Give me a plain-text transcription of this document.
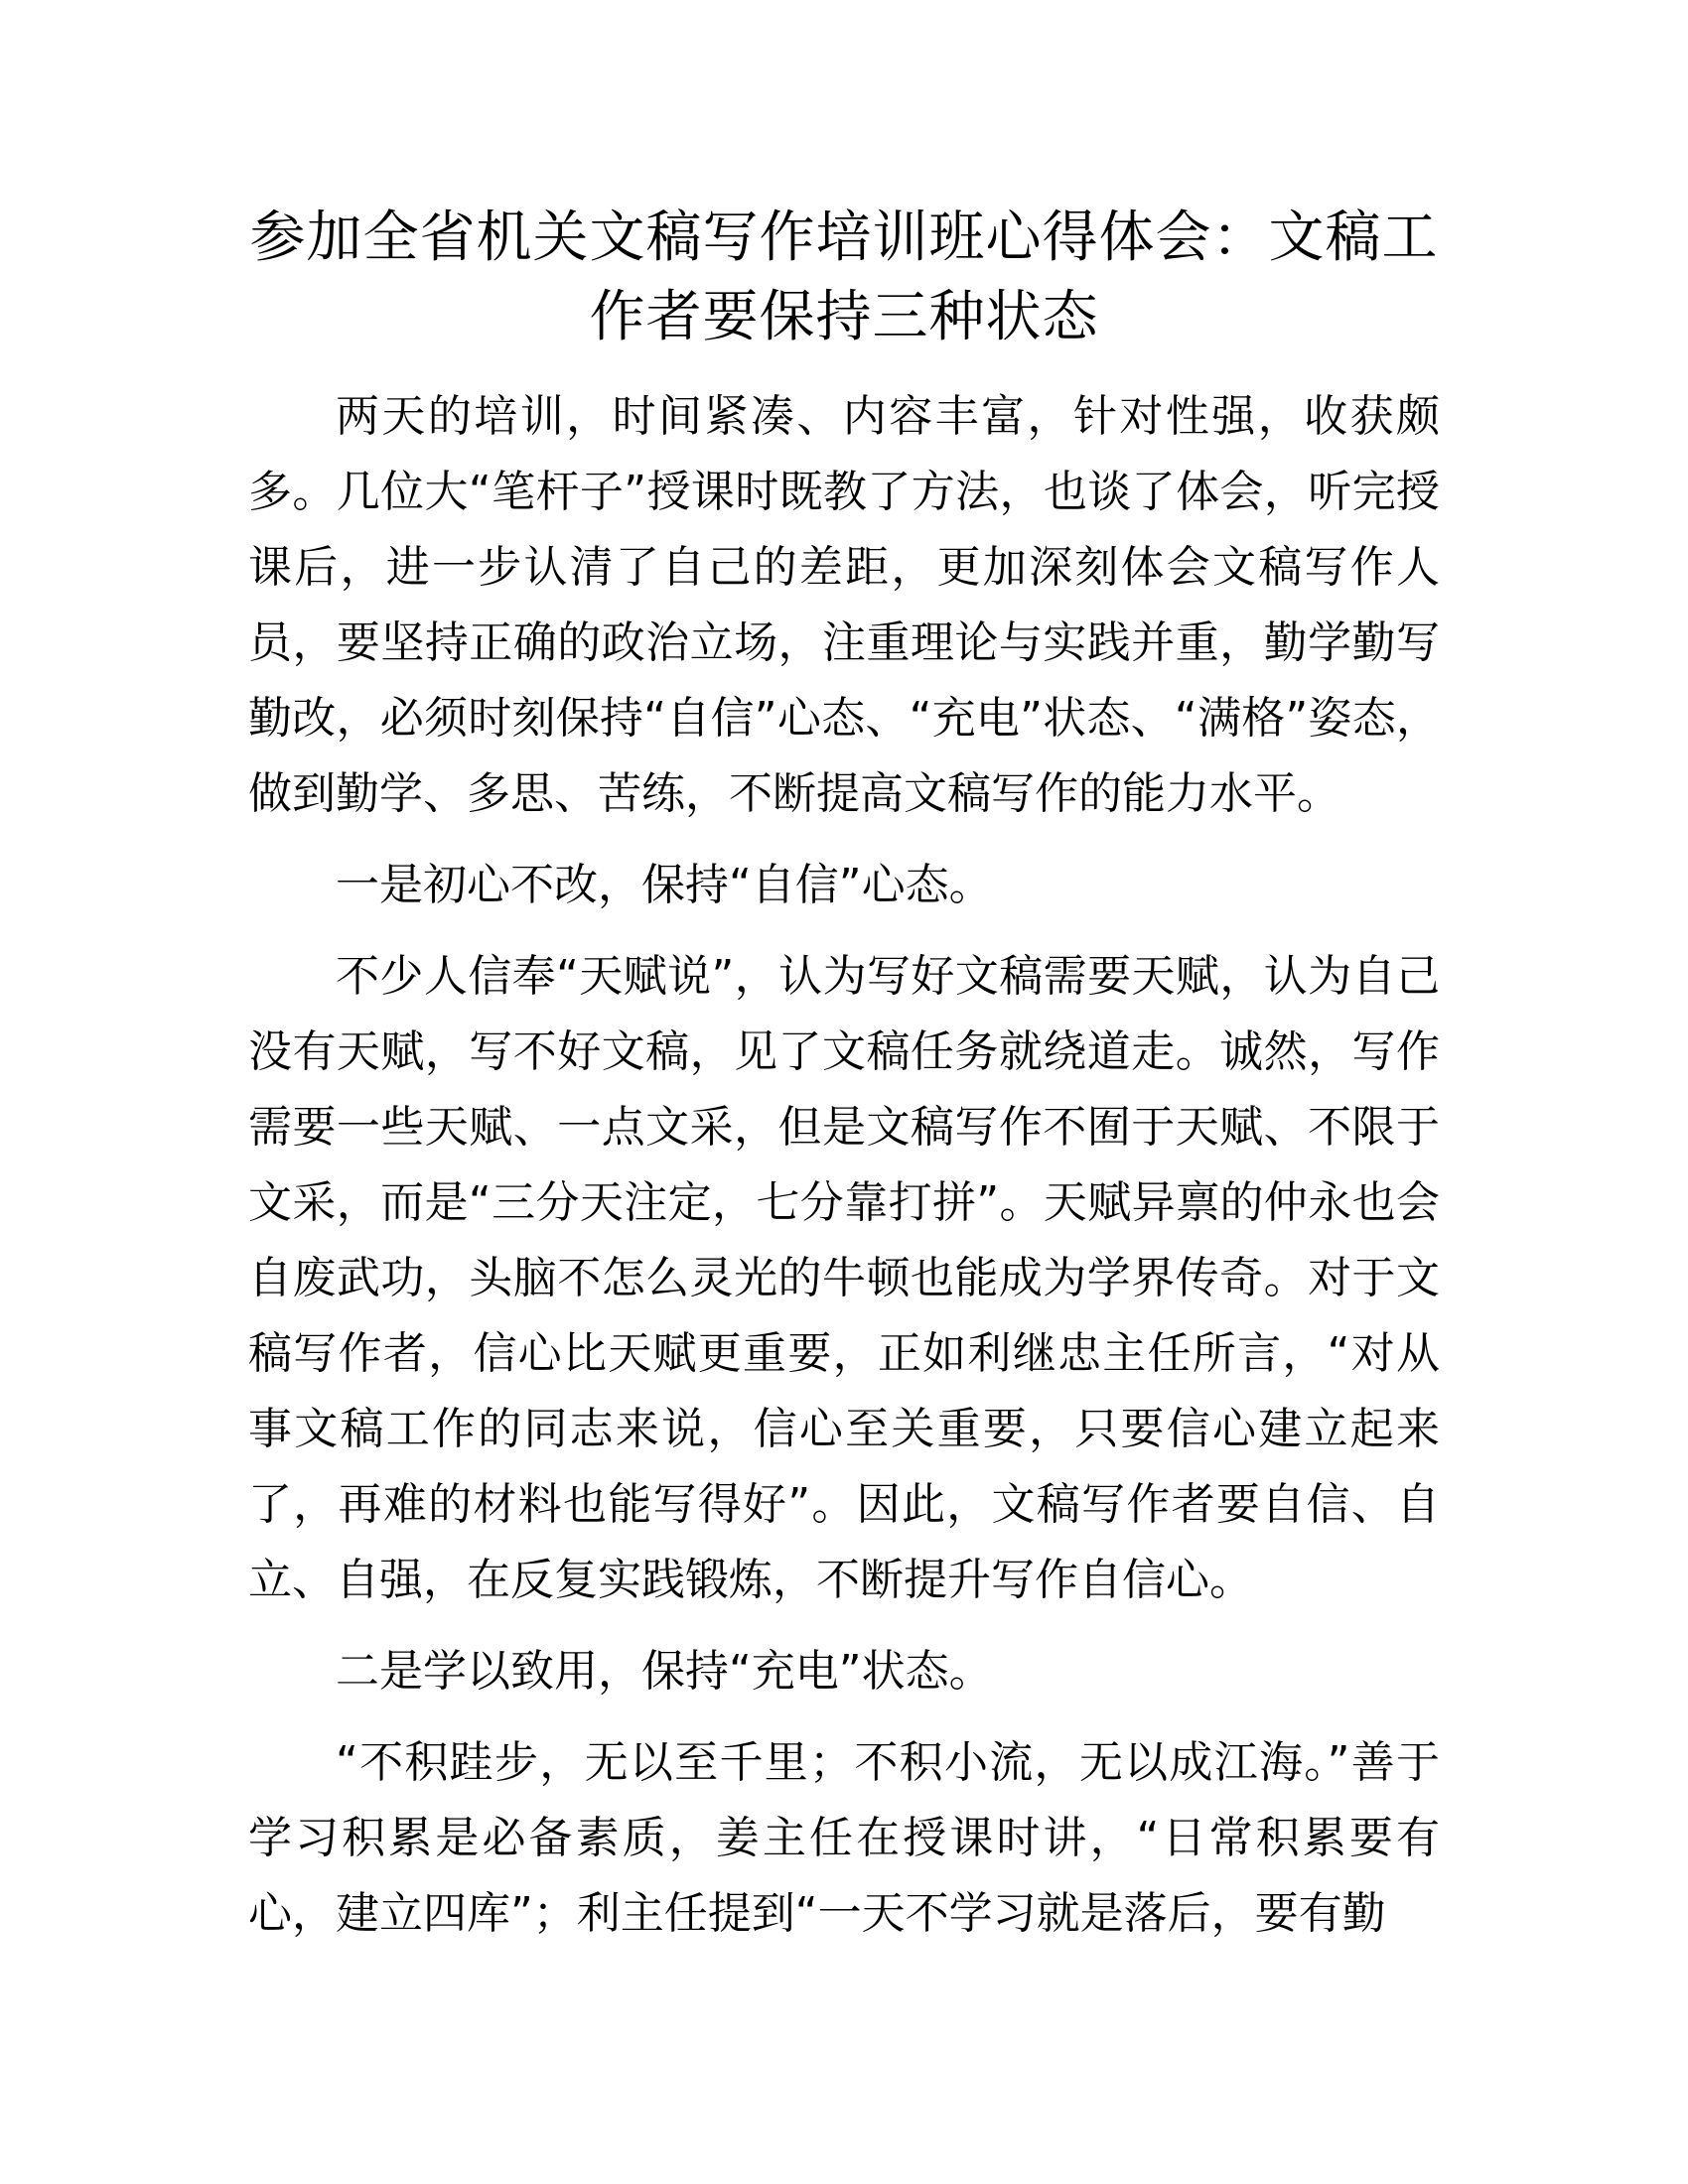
参加全省机关文稿写作培训班心得体会：文稿工作者要保持三种状态

两天的培训，时间紧凑、内容丰富，针对性强，收获颇多。几位大“笔杆子”授课时既教了方法，也谈了体会，听完授课后，进一步认清了自己的差距，更加深刻体会文稿写作人员，要坚持正确的政治立场，注重理论与实践并重，勤学勤写勤改，必须时刻保持“自信”心态、“充电”状态、“满格”姿态，做到勤学、多思、苦练，不断提高文稿写作的能力水平。

一是初心不改，保持“自信”心态。

不少人信奉“天赋说”，认为写好文稿需要天赋，认为自己没有天赋，写不好文稿，见了文稿任务就绕道走。诚然，写作需要一些天赋、一点文采，但是文稿写作不囿于天赋、不限于文采，而是“三分天注定，七分靠打拼”。天赋异禀的仲永也会自废武功，头脑不怎么灵光的牛顿也能成为学界传奇。对于文稿写作者，信心比天赋更重要，正如利继忠主任所言，“对从事文稿工作的同志来说，信心至关重要，只要信心建立起来了，再难的材料也能写得好”。因此，文稿写作者要自信、自立、自强，在反复实践锻炼，不断提升写作自信心。

二是学以致用，保持“充电”状态。

“不积跬步，无以至千里；不积小流，无以成江海。”善于学习积累是必备素质，姜主任在授课时讲，“日常积累要有心，建立四库”；利主任提到“一天不学习就是落后，要有勤
